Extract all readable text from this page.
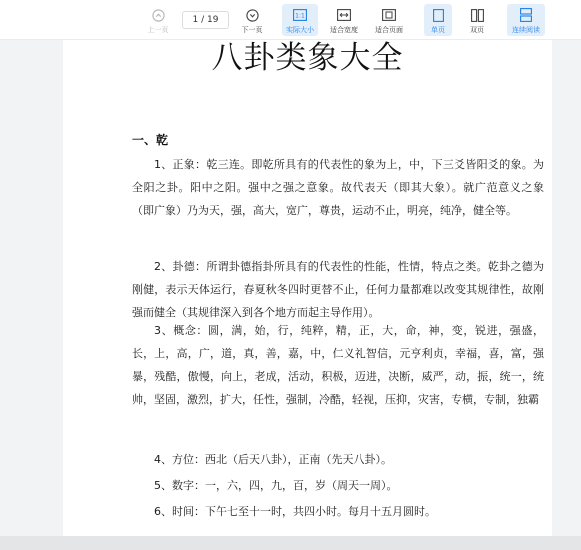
上一页
1 / 19
下一页
1:1
实际大小 适合宽度 适合页面	单页	双页	连续阅读
八卦类象大全
一、乾
1、正象：乾三连。即乾所具有的代表性的象为上，中，下三爻皆阳爻的象。为全阳之卦。阳中之阳。强中之强之意象。故代表天（即其大象）。就广范意义之象（即广象）乃为天，强，高大，宽广，尊贵，运动不止，明亮，纯净，健全等。
2、卦德：所谓卦德指卦所具有的代表性的性能，性情，特点之类。乾卦之德为刚健，表示天体运行，春夏秋冬四时更替不止，任何力量都难以改变其规律性，故刚强而健全（其规律深入到各个地方而起主导作用）。
3、概念：圆，满，始，行，纯粹，精，正，大，命，神，变，锐进，强盛，长，上，高，广，道，真，善，嘉，中，仁义礼智信，元亨利贞，幸福，喜，富，强暴，残酷，傲慢，向上，老成，活动，积极，迈进，决断，威严，动，振，统一，统帅，坚固，激烈，扩大，任性，强制，冷酷，轻视，压抑，灾害，专横，专制，独霸
4、方位：西北（后天八卦），正南（先天八卦）。
5、数字：一，六，四，九，百，岁（周天一周）。
6、时间：下午七至十一时，共四小时。每月十五月圆时。
